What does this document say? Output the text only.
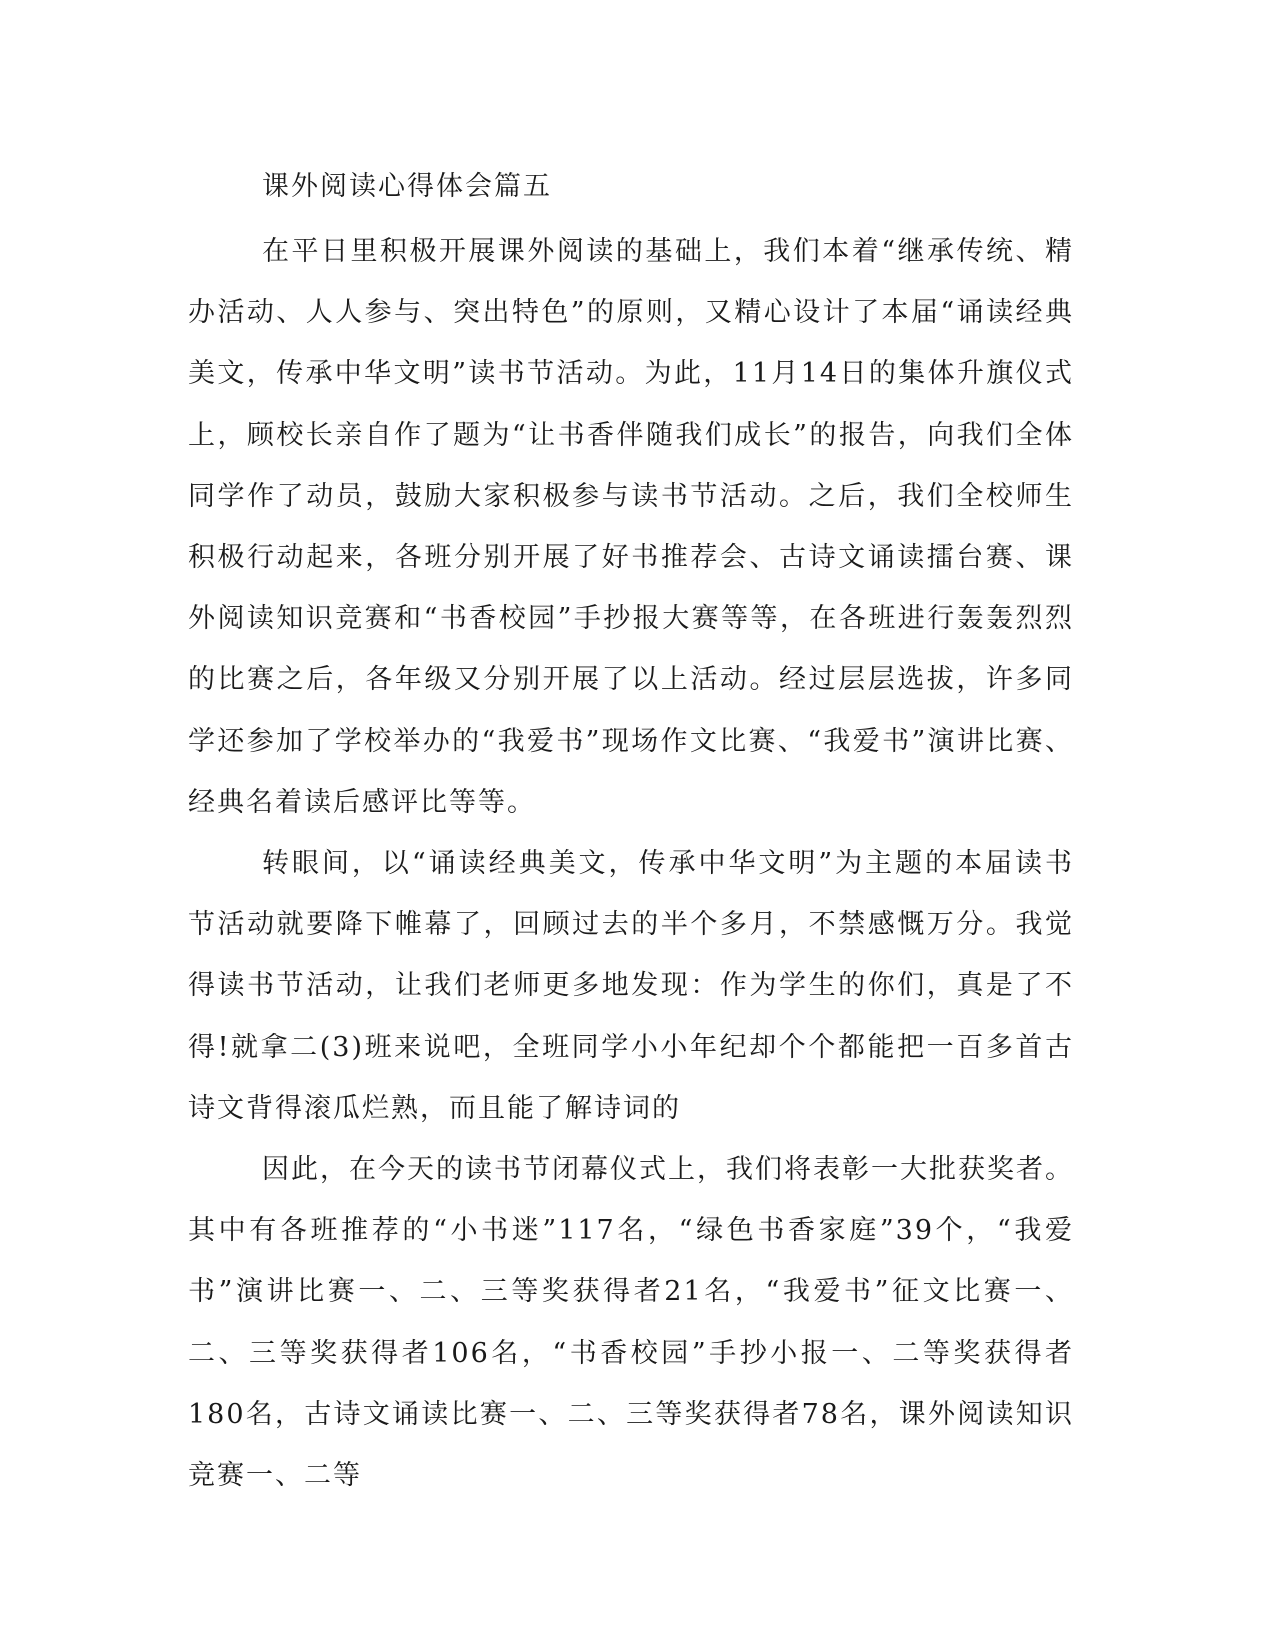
课外阅读心得体会篇五

在平日里积极开展课外阅读的基础上，我们本着“继承传统、精办活动、人人参与、突出特色”的原则，又精心设计了本届“诵读经典美文，传承中华文明”读书节活动。为此，11月14日的集体升旗仪式上，顾校长亲自作了题为“让书香伴随我们成长”的报告，向我们全体同学作了动员，鼓励大家积极参与读书节活动。之后，我们全校师生积极行动起来，各班分别开展了好书推荐会、古诗文诵读擂台赛、课外阅读知识竞赛和“书香校园”手抄报大赛等等，在各班进行轰轰烈烈的比赛之后，各年级又分别开展了以上活动。经过层层选拔，许多同学还参加了学校举办的“我爱书”现场作文比赛、“我爱书”演讲比赛、经典名着读后感评比等等。

转眼间，以“诵读经典美文，传承中华文明”为主题的本届读书节活动就要降下帷幕了，回顾过去的半个多月，不禁感慨万分。我觉得读书节活动，让我们老师更多地发现：作为学生的你们，真是了不得!就拿二(3)班来说吧，全班同学小小年纪却个个都能把一百多首古诗文背得滚瓜烂熟，而且能了解诗词的

因此，在今天的读书节闭幕仪式上，我们将表彰一大批获奖者。其中有各班推荐的“小书迷”117名，“绿色书香家庭”39个，“我爱书”演讲比赛一、二、三等奖获得者21名，“我爱书”征文比赛一、二、三等奖获得者106名，“书香校园”手抄小报一、二等奖获得者180名，古诗文诵读比赛一、二、三等奖获得者78名，课外阅读知识竞赛一、二等
